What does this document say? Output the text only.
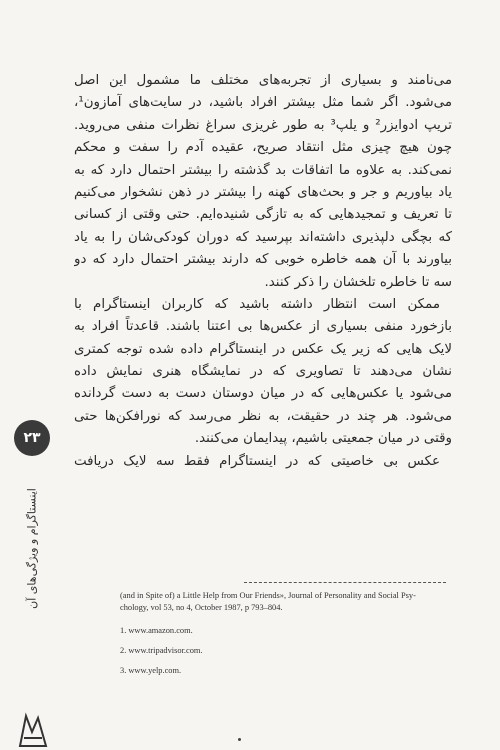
می‌نامند و بسیاری از تجربه‌های مختلف ما مشمول این اصل
می‌شود. اگر شما مثل بیشتر افراد باشید، در سایت‌های آمازون¹،
تریپ ادوایزر² و یلپ³ به طور غریزی سراغ نظرات منفی می‌روید.
چون هیچ چیزی مثل انتقاد صریح، عقیده آدم را سفت و محکم
نمی‌کند. به علاوه ما اتفاقات بد گذشته را بیشتر احتمال دارد که به
یاد بیاوریم و جر و بحث‌های کهنه را بیشتر در ذهن نشخوار می‌کنیم
تا تعریف و تمجیدهایی که به تازگی شنیده‌ایم. حتی وقتی از کسانی
که بچگی دلپذیری داشته‌اند بپرسید که دوران کودکی‌شان را به یاد
بیاورند با آن همه خاطره خوبی که دارند بیشتر احتمال دارد که دو
سه تا خاطره تلخشان را ذکر کنند.
ممکن است انتظار داشته باشید که کاربران اینستاگرام با
بازخورد منفی بسیاری از عکس‌ها بی اعتنا باشند. قاعدتاً افراد به
لایک هایی که زیر یک عکس در اینستاگرام داده شده توجه کمتری
نشان می‌دهند تا تصاویری که در نمایشگاه هنری نمایش داده
می‌شود یا عکس‌هایی که در میان دوستان دست به دست گردانده
می‌شود. هر چند در حقیقت، به نظر می‌رسد که نورافکن‌ها حتی
وقتی در میان جمعیتی باشیم، پیدایمان می‌کنند.
عکس بی خاصیتی که در اینستاگرام فقط سه لایک دریافت
۲۳
اینستاگرام و ویژگی‌های آن	(and in Spite of) a Little Help from Our Friends», Journal of Personality and Social Psy-
chology, vol 53, no 4, October 1987, p 793–804.
1. www.amazon.com.
2. www.tripadvisor.com.
3. www.yelp.com.
